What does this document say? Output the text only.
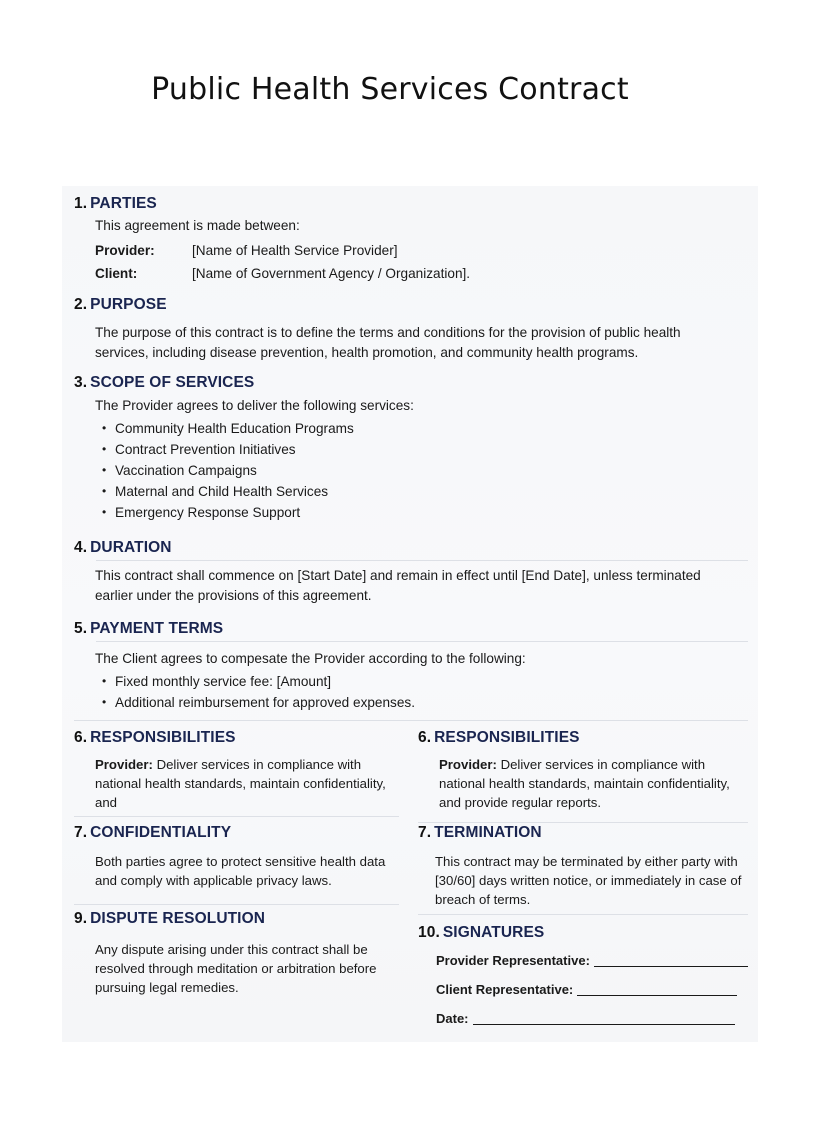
Public Health Services Contract
1. PARTIES
This agreement is made between:
Provider:	[Name of Health Service Provider]
Client:	[Name of Government Agency / Organization].
2. PURPOSE
The purpose of this contract is to define the terms and conditions for the provision of public health services, including disease prevention, health promotion, and community health programs.
3. SCOPE OF SERVICES
The Provider agrees to deliver the following services:
• Community Health Education Programs
• Contract Prevention Initiatives
• Vaccination Campaigns
• Maternal and Child Health Services
• Emergency Response Support
4. DURATION
This contract shall commence on [Start Date] and remain in effect until [End Date], unless terminated earlier under the provisions of this agreement.
5. PAYMENT TERMS
The Client agrees to compesate the Provider according to the following:
• Fixed monthly service fee: [Amount]
• Additional reimbursement for approved expenses.
6. RESPONSIBILITIES
Provider: Deliver services in compliance with national health standards, maintain confidentiality, and
6. RESPONSIBILITIES
Provider: Deliver services in compliance with national health standards, maintain confidentiality, and provide regular reports.
7. CONFIDENTIALITY
Both parties agree to protect sensitive health data and comply with applicable privacy laws.
7. TERMINATION
This contract may be terminated by either party with [30/60] days written notice, or immediately in case of breach of terms.
9. DISPUTE RESOLUTION
Any dispute arising under this contract shall be resolved through meditation or arbitration before pursuing legal remedies.
10. SIGNATURES
Provider Representative:
Client Representative:
Date:
